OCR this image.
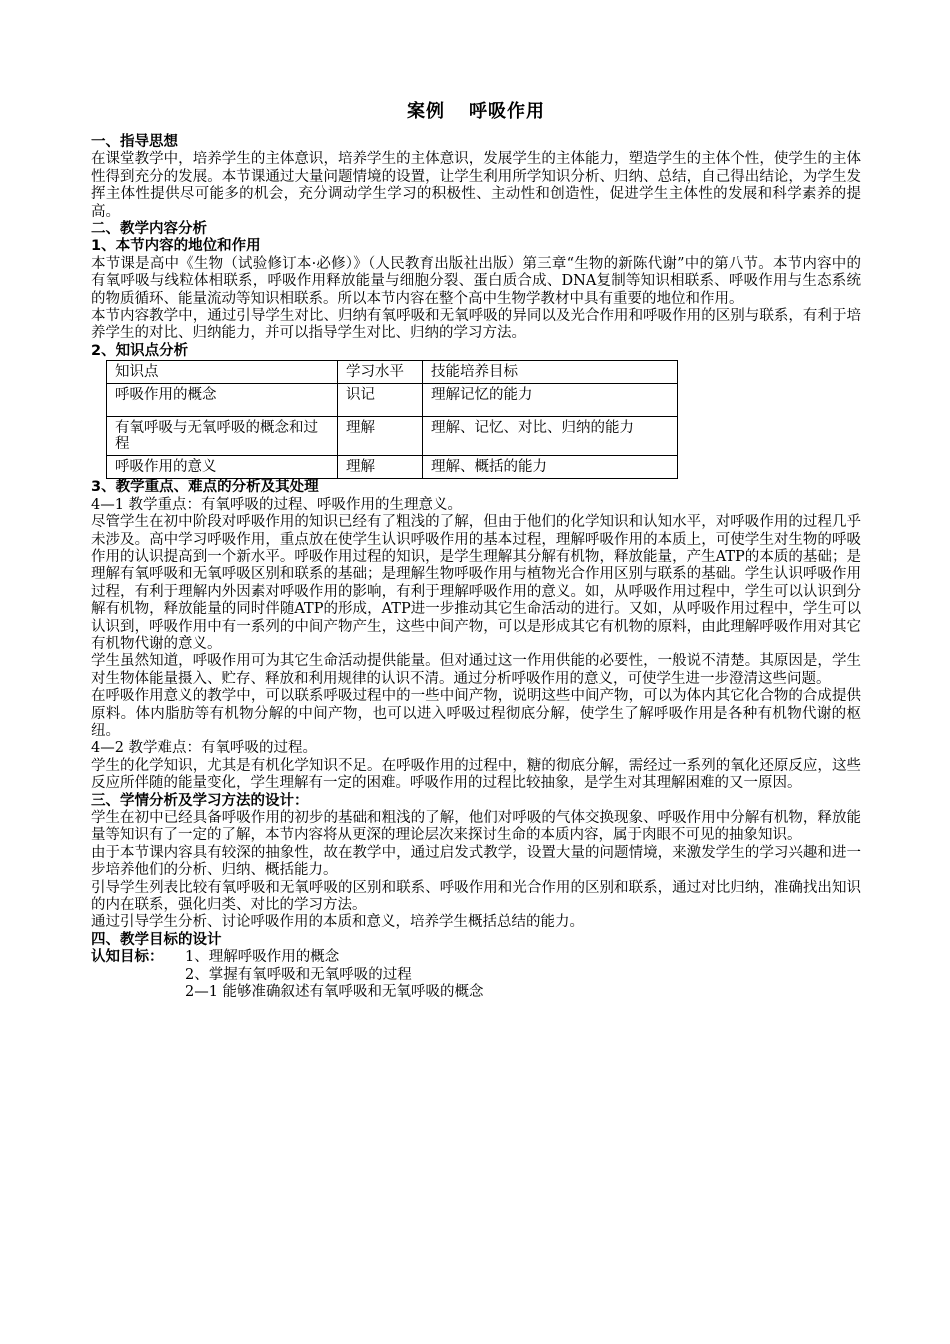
案例 呼吸作用
一、指导思想
在课堂教学中，培养学生的主体意识，培养学生的主体意识，发展学生的主体能力，塑造学生的主体个性，使学生的主体性得到充分的发展。本节课通过大量问题情境的设置，让学生利用所学知识分析、归纳、总结，自己得出结论，为学生发挥主体性提供尽可能多的机会，充分调动学生学习的积极性、主动性和创造性，促进学生主体性的发展和科学素养的提高。
二、教学内容分析
1、本节内容的地位和作用
本节课是高中《生物（试验修订本·必修）》（人民教育出版社出版）第三章“生物的新陈代谢”中的第八节。本节内容中的有氧呼吸与线粒体相联系，呼吸作用释放能量与细胞分裂、蛋白质合成、DNA复制等知识相联系、呼吸作用与生态系统的物质循环、能量流动等知识相联系。所以本节内容在整个高中生物学教材中具有重要的地位和作用。
本节内容教学中，通过引导学生对比、归纳有氧呼吸和无氧呼吸的异同以及光合作用和呼吸作用的区别与联系，有利于培养学生的对比、归纳能力，并可以指导学生对比、归纳的学习方法。
2、知识点分析
知识点	学习水平	技能培养目标
呼吸作用的概念	识记	理解记忆的能力
有氧呼吸与无氧呼吸的概念和过程	理解	理解、记忆、对比、归纳的能力
呼吸作用的意义	理解	理解、概括的能力
3、教学重点、难点的分析及其处理
4—1 教学重点：有氧呼吸的过程、呼吸作用的生理意义。
尽管学生在初中阶段对呼吸作用的知识已经有了粗浅的了解，但由于他们的化学知识和认知水平，对呼吸作用的过程几乎未涉及。高中学习呼吸作用，重点放在使学生认识呼吸作用的基本过程，理解呼吸作用的本质上，可使学生对生物的呼吸作用的认识提高到一个新水平。呼吸作用过程的知识，是学生理解其分解有机物，释放能量，产生ATP的本质的基础；是理解有氧呼吸和无氧呼吸区别和联系的基础；是理解生物呼吸作用与植物光合作用区别与联系的基础。学生认识呼吸作用过程，有利于理解内外因素对呼吸作用的影响，有利于理解呼吸作用的意义。如，从呼吸作用过程中，学生可以认识到分解有机物，释放能量的同时伴随ATP的形成，ATP进一步推动其它生命活动的进行。又如，从呼吸作用过程中，学生可以认识到，呼吸作用中有一系列的中间产物产生，这些中间产物，可以是形成其它有机物的原料，由此理解呼吸作用对其它有机物代谢的意义。
学生虽然知道，呼吸作用可为其它生命活动提供能量。但对通过这一作用供能的必要性，一般说不清楚。其原因是，学生对生物体能量摄入、贮存、释放和利用规律的认识不清。通过分析呼吸作用的意义，可使学生进一步澄清这些问题。
在呼吸作用意义的教学中，可以联系呼吸过程中的一些中间产物，说明这些中间产物，可以为体内其它化合物的合成提供原料。体内脂肪等有机物分解的中间产物，也可以进入呼吸过程彻底分解，使学生了解呼吸作用是各种有机物代谢的枢纽。
4—2 教学难点：有氧呼吸的过程。
学生的化学知识，尤其是有机化学知识不足。在呼吸作用的过程中，糖的彻底分解，需经过一系列的氧化还原反应，这些反应所伴随的能量变化，学生理解有一定的困难。呼吸作用的过程比较抽象，是学生对其理解困难的又一原因。
三、学情分析及学习方法的设计：
学生在初中已经具备呼吸作用的初步的基础和粗浅的了解，他们对呼吸的气体交换现象、呼吸作用中分解有机物，释放能量等知识有了一定的了解，本节内容将从更深的理论层次来探讨生命的本质内容，属于肉眼不可见的抽象知识。
由于本节课内容具有较深的抽象性，故在教学中，通过启发式教学，设置大量的问题情境，来激发学生的学习兴趣和进一步培养他们的分析、归纳、概括能力。
引导学生列表比较有氧呼吸和无氧呼吸的区别和联系、呼吸作用和光合作用的区别和联系，通过对比归纳，准确找出知识的内在联系，强化归类、对比的学习方法。
通过引导学生分析、讨论呼吸作用的本质和意义，培养学生概括总结的能力。
四、教学目标的设计
认知目标：	1、理解呼吸作用的概念
2、掌握有氧呼吸和无氧呼吸的过程
2—1 能够准确叙述有氧呼吸和无氧呼吸的概念
